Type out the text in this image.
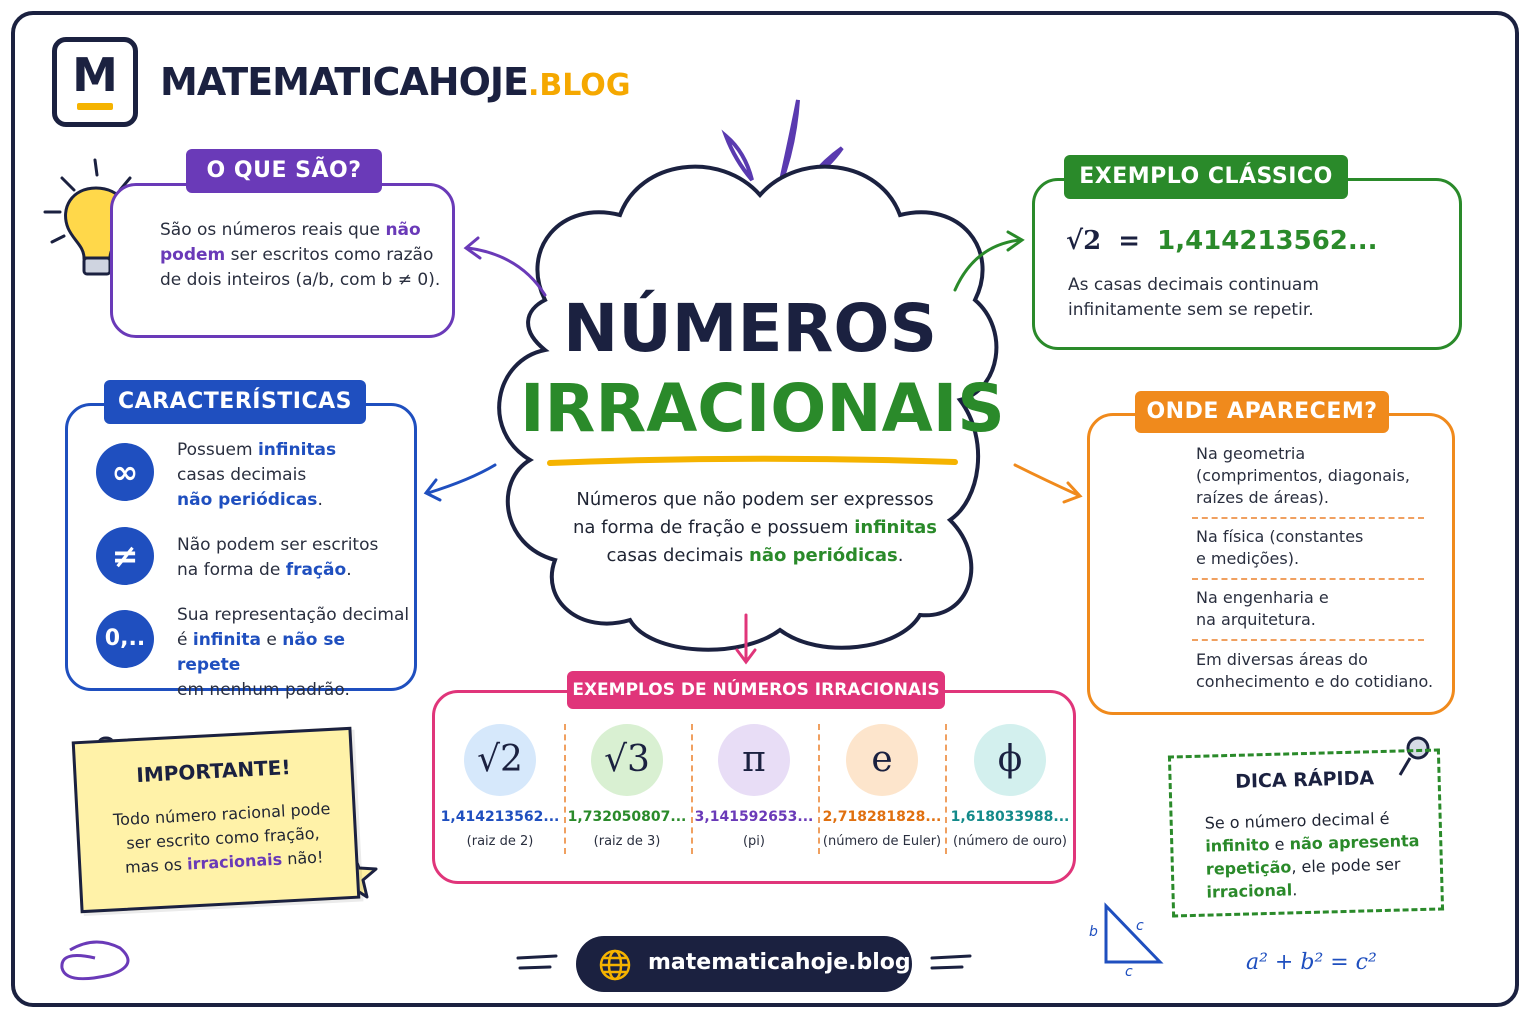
M	MATEMATICAHOJE.BLOG
NÚMEROS
IRRACIONAIS
Números que não podem ser expressos
na forma de fração e possuem infinitas
casas decimais não periódicas.
O QUE SÃO?
São os números reais que não
podem ser escritos como razão
de dois inteiros (a/b, com b ≠ 0).
EXEMPLO CLÁSSICO
√2 = 1,414213562...
As casas decimais continuam
infinitamente sem se repetir.
CARACTERÍSTICAS
∞
Possuem infinitas
casas decimais
não periódicas.
≠	Não podem ser escritos
na forma de fração.
0,..
Sua representação decimal
é infinita e não se repete
em nenhum padrão.
ONDE APARECEM?
Na geometria
(comprimentos, diagonais,
raízes de áreas).
Na física (constantes
e medições).
Na engenharia e
na arquitetura.
Em diversas áreas do
conhecimento e do cotidiano.
EXEMPLOS DE NÚMEROS IRRACIONAIS
√2
1,414213562...
(raiz de 2)
√3
1,732050807...
(raiz de 3)
π
3,141592653...
(pi)
e
2,718281828...
(número de Euler)
ϕ
1,618033988...
(número de ouro)
IMPORTANTE!
Todo número racional pode
ser escrito como fração,
mas os irracionais não!
DICA RÁPIDA
Se o número decimal é
infinito e não apresenta
repetição, ele pode ser
irracional.
b	c
c	a² + b² = c²
matematicahoje.blog
